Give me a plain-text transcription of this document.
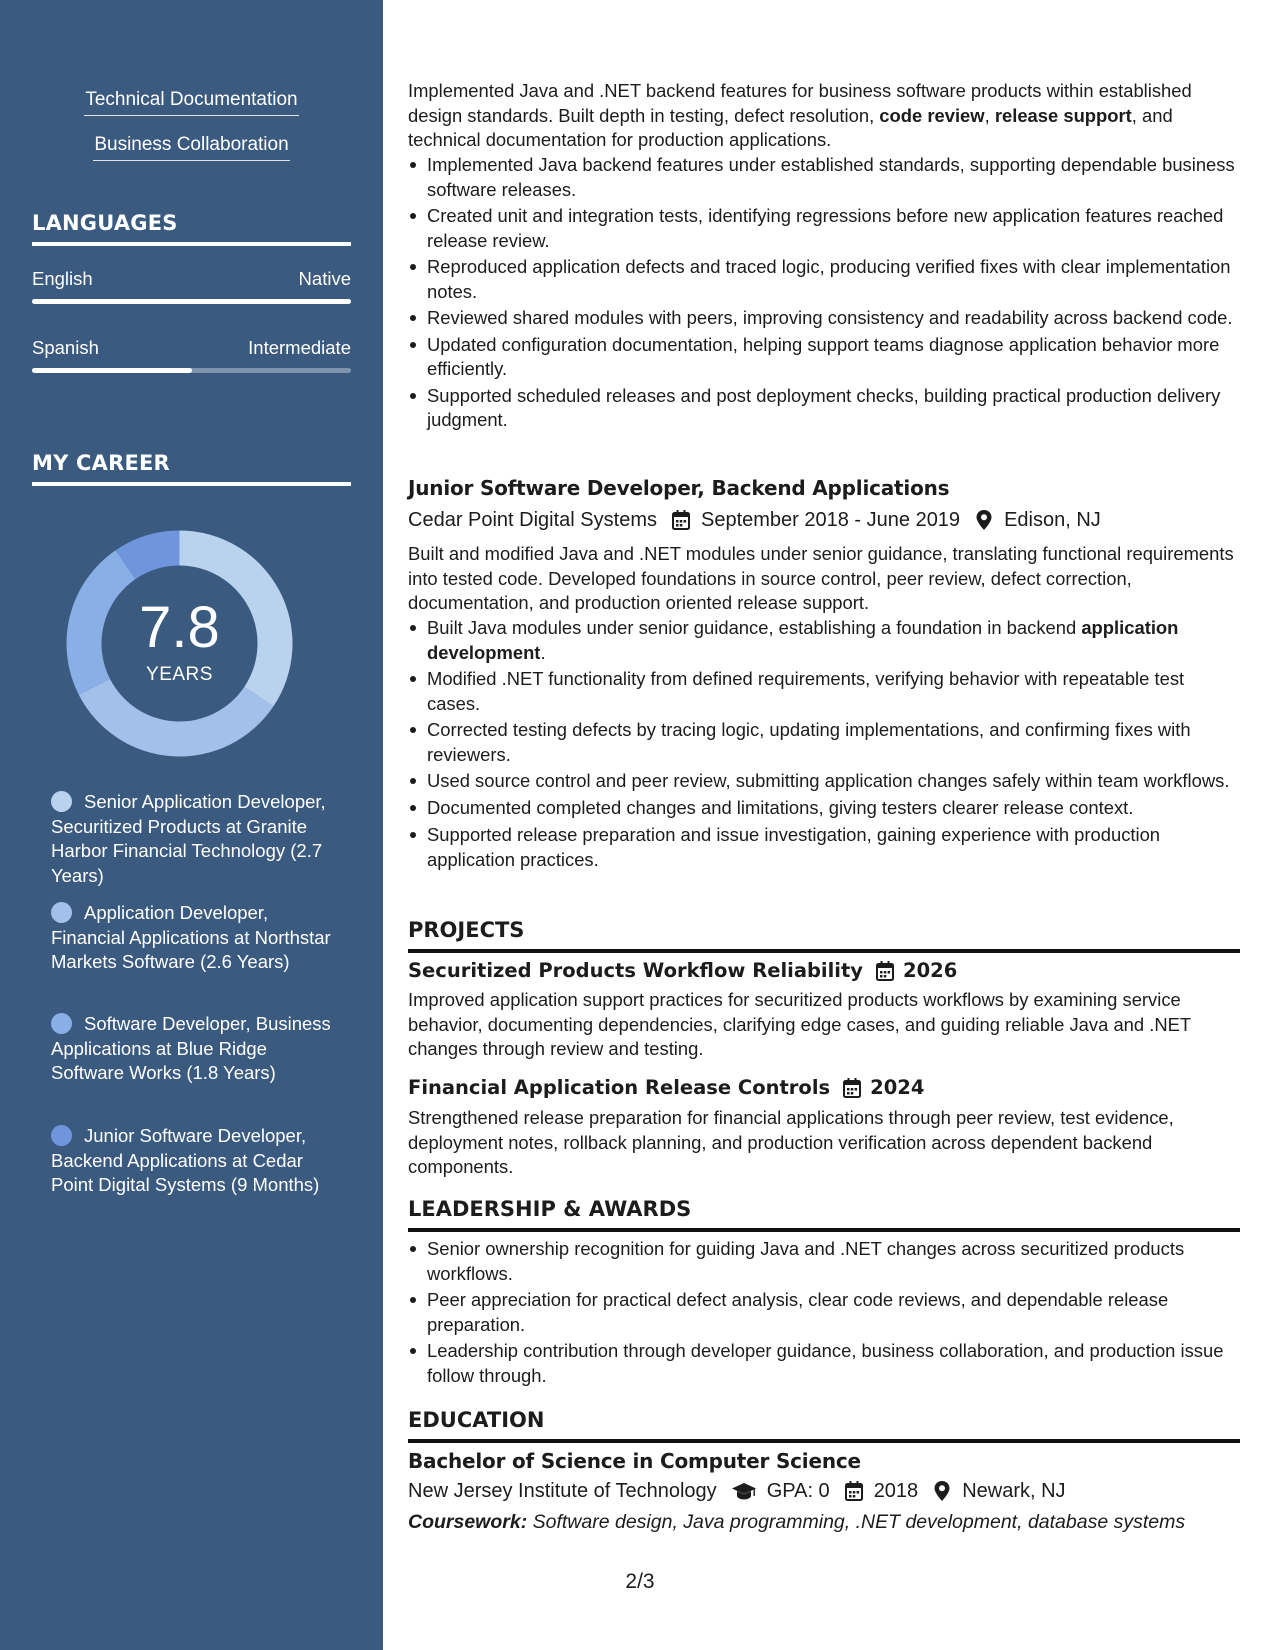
Technical Documentation
Business Collaboration
LANGUAGES
English	Native
Spanish	Intermediate
MY CAREER
7.8
YEARS
Senior Application Developer, Securitized Products at Granite Harbor Financial Technology (2.7 Years)
Application Developer, Financial Applications at Northstar Markets Software (2.6 Years)
Software Developer, Business Applications at Blue Ridge Software Works (1.8 Years)
Junior Software Developer, Backend Applications at Cedar Point Digital Systems (9 Months)
Implemented Java and .NET backend features for business software products within established design standards. Built depth in testing, defect resolution, code review, release support, and technical documentation for production applications.
Implemented Java backend features under established standards, supporting dependable business software releases.
Created unit and integration tests, identifying regressions before new application features reached release review.
Reproduced application defects and traced logic, producing verified fixes with clear implementation notes.
Reviewed shared modules with peers, improving consistency and readability across backend code.
Updated configuration documentation, helping support teams diagnose application behavior more efficiently.
Supported scheduled releases and post deployment checks, building practical production delivery judgment.
Junior Software Developer, Backend Applications
Cedar Point Digital Systems September 2018 - June 2019 Edison, NJ
Built and modified Java and .NET modules under senior guidance, translating functional requirements into tested code. Developed foundations in source control, peer review, defect correction, documentation, and production oriented release support.
Built Java modules under senior guidance, establishing a foundation in backend application development.
Modified .NET functionality from defined requirements, verifying behavior with repeatable test cases.
Corrected testing defects by tracing logic, updating implementations, and confirming fixes with reviewers.
Used source control and peer review, submitting application changes safely within team workflows.
Documented completed changes and limitations, giving testers clearer release context.
Supported release preparation and issue investigation, gaining experience with production application practices.
PROJECTS
Securitized Products Workflow Reliability 2026
Improved application support practices for securitized products workflows by examining service behavior, documenting dependencies, clarifying edge cases, and guiding reliable Java and .NET changes through review and testing.
Financial Application Release Controls 2024
Strengthened release preparation for financial applications through peer review, test evidence, deployment notes, rollback planning, and production verification across dependent backend components.
LEADERSHIP & AWARDS
Senior ownership recognition for guiding Java and .NET changes across securitized products workflows.
Peer appreciation for practical defect analysis, clear code reviews, and dependable release preparation.
Leadership contribution through developer guidance, business collaboration, and production issue follow through.
EDUCATION
Bachelor of Science in Computer Science
New Jersey Institute of Technology	GPA: 0 2018 Newark, NJ
Coursework: Software design, Java programming, .NET development, database systems
2/3
